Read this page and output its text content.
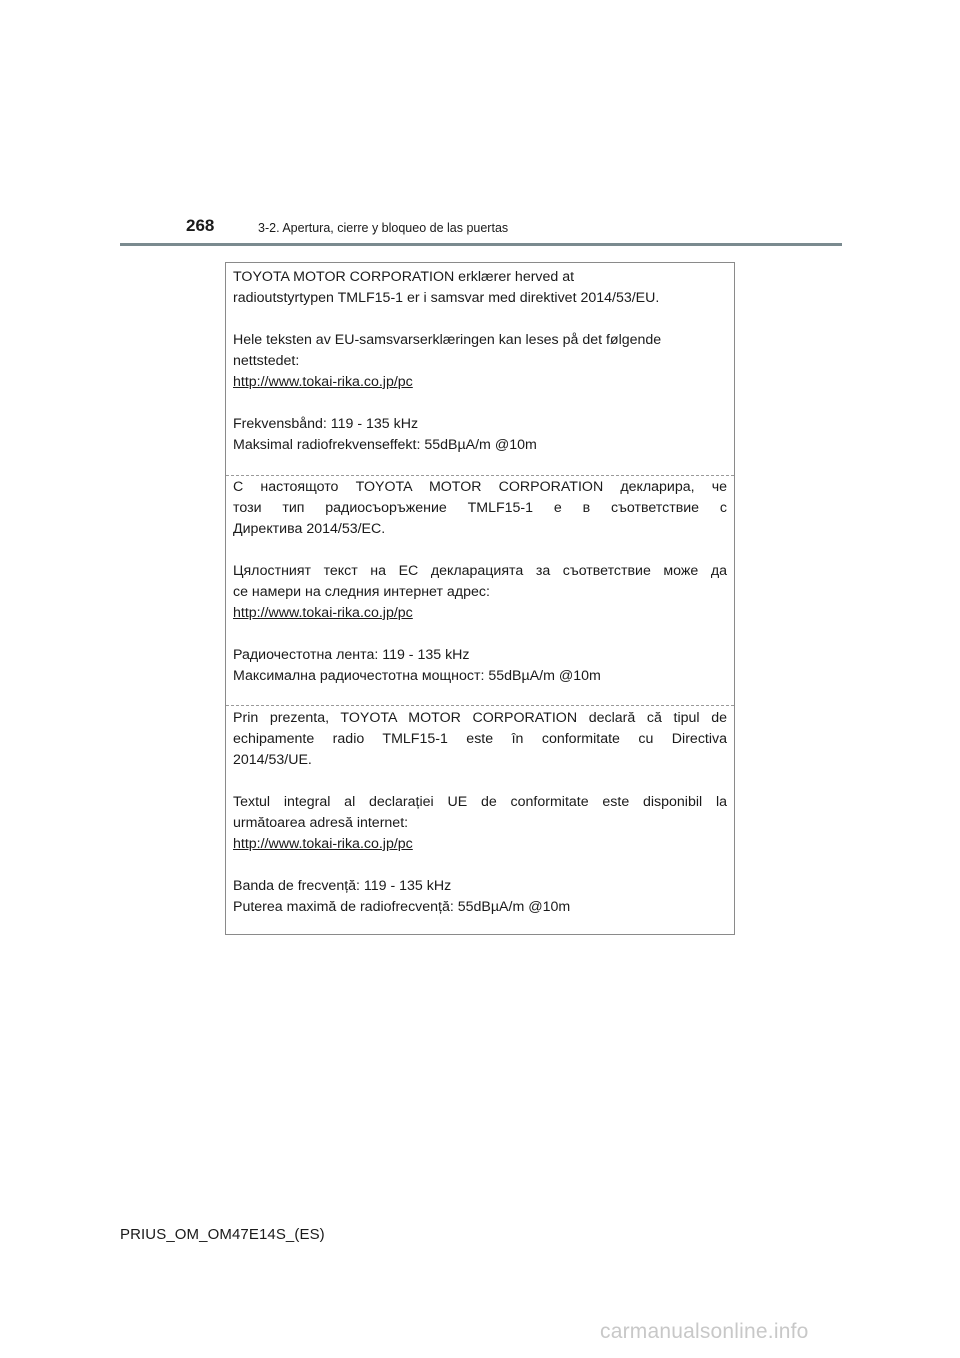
268	3-2. Apertura, cierre y bloqueo de las puertas

TOYOTA MOTOR CORPORATION erklærer herved at

radioutstyrtypen TMLF15-1 er i samsvar med direktivet 2014/53/EU.

Hele teksten av EU-samsvarserklæringen kan leses på det følgende

nettstedet:

http://www.tokai-rika.co.jp/pc

Frekvensbånd: 119 - 135 kHz

Maksimal radiofrekvenseffekt: 55dBµA/m @10m

С настоящото TOYOTA MOTOR CORPORATION декларира, че

този тип радиосъоръжение TMLF15-1 е в съответствие с

Директива 2014/53/ЕС.

Цялостният текст на ЕС декларацията за съответствие може да

се намери на следния интернет адрес:

http://www.tokai-rika.co.jp/pc

Радиочестотна лента: 119 - 135 kHz

Максимална радиочестотна мощност: 55dBµA/m @10m

Prin prezenta, TOYOTA MOTOR CORPORATION declară că tipul de

echipamente radio TMLF15-1 este în conformitate cu Directiva

2014/53/UE.

Textul integral al declarației UE de conformitate este disponibil la

următoarea adresă internet:

http://www.tokai-rika.co.jp/pc

Banda de frecvență: 119 - 135 kHz

Puterea maximă de radiofrecvență: 55dBµA/m @10m

PRIUS_OM_OM47E14S_(ES)
carmanualsonline.info
